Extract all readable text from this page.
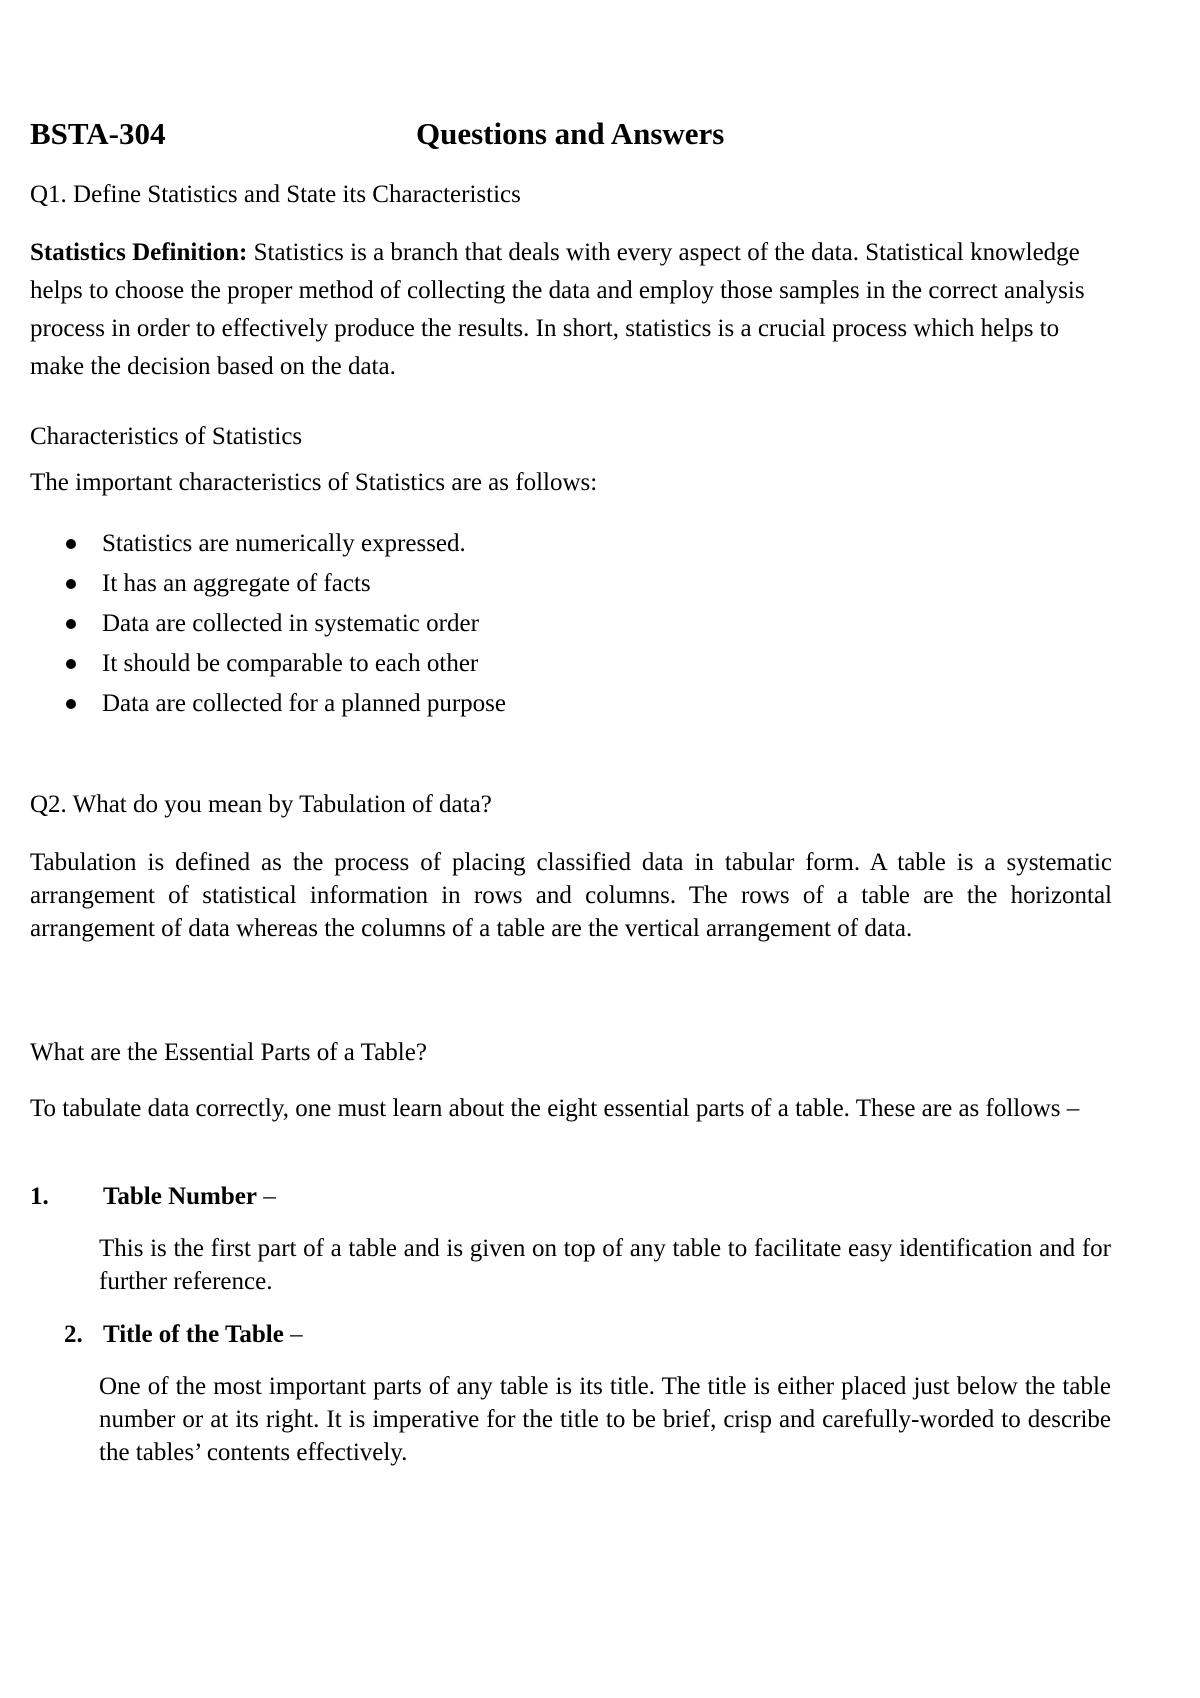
BSTA-304	Questions and Answers

Q1. Define Statistics and State its Characteristics

Statistics Definition: Statistics is a branch that deals with every aspect of the data. Statistical knowledge helps to choose the proper method of collecting the data and employ those samples in the correct analysis process in order to effectively produce the results. In short, statistics is a crucial process which helps to make the decision based on the data.

Characteristics of Statistics

The important characteristics of Statistics are as follows:

Statistics are numerically expressed.
It has an aggregate of facts
Data are collected in systematic order
It should be comparable to each other
Data are collected for a planned purpose

Q2. What do you mean by Tabulation of data?

Tabulation is defined as the process of placing classified data in tabular form. A table is a systematic arrangement of statistical information in rows and columns. The rows of a table are the horizontal arrangement of data whereas the columns of a table are the vertical arrangement of data.

What are the Essential Parts of a Table?

To tabulate data correctly, one must learn about the eight essential parts of a table. These are as follows –

1. Table Number –

This is the first part of a table and is given on top of any table to facilitate easy identification and for further reference.

2. Title of the Table –

One of the most important parts of any table is its title. The title is either placed just below the table number or at its right. It is imperative for the title to be brief, crisp and carefully-worded to describe the tables’ contents effectively.
